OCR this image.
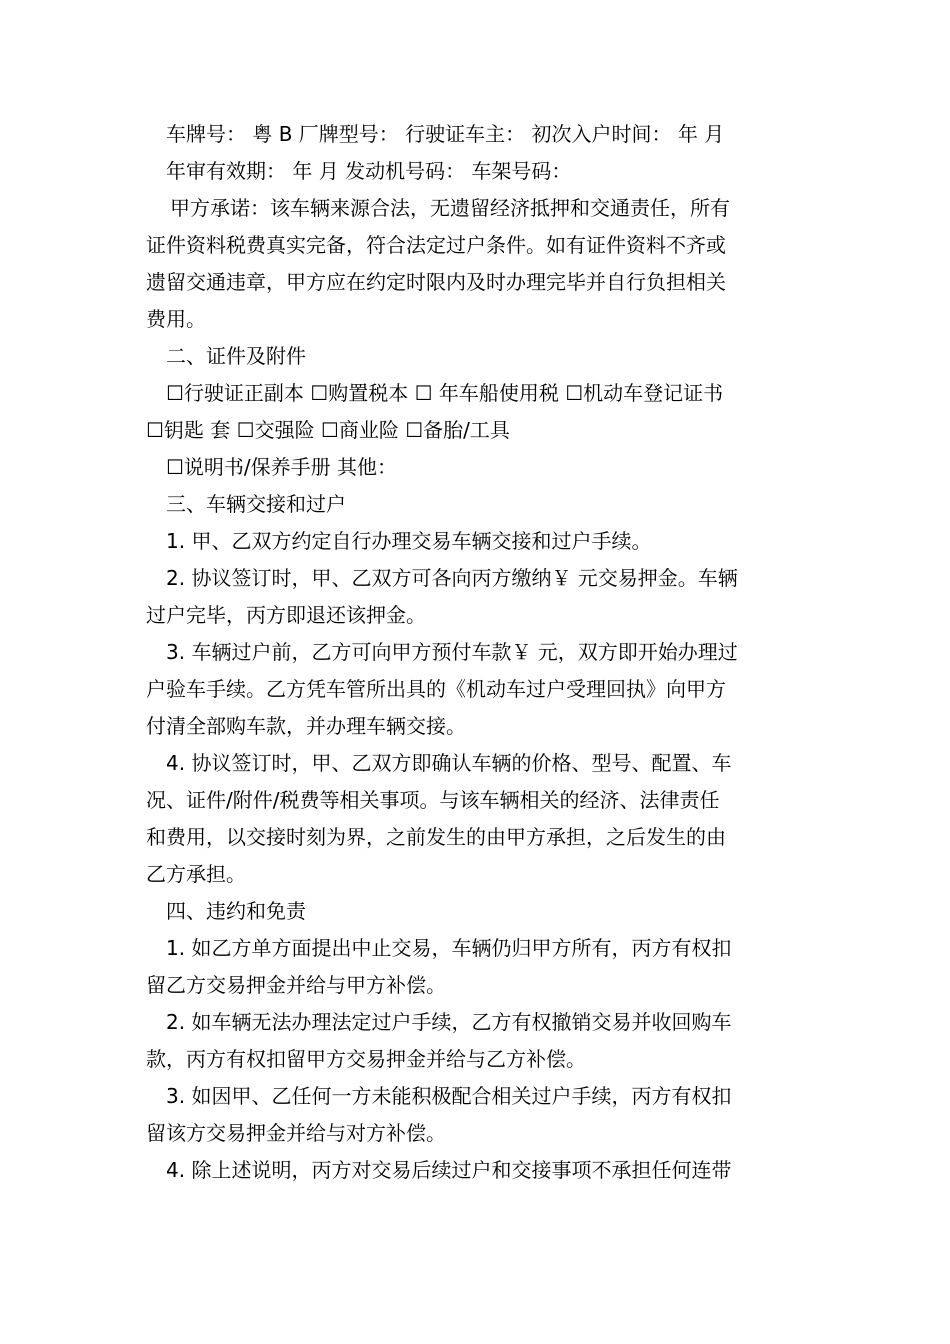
车牌号： 粤 B 厂牌型号： 行驶证车主： 初次入户时间： 年 月

年审有效期： 年 月 发动机号码： 车架号码：

甲方承诺：该车辆来源合法，无遗留经济抵押和交通责任，所有

证件资料税费真实完备，符合法定过户条件。如有证件资料不齐或

遗留交通违章，甲方应在约定时限内及时办理完毕并自行负担相关

费用。

二、证件及附件

☐行驶证正副本 ☐购置税本 ☐ 年车船使用税 ☐机动车登记证书

☐钥匙 套 ☐交强险 ☐商业险 ☐备胎/工具

☐说明书/保养手册 其他：

三、车辆交接和过户

1. 甲、乙双方约定自行办理交易车辆交接和过户手续。

2. 协议签订时，甲、乙双方可各向丙方缴纳￥ 元交易押金。车辆

过户完毕，丙方即退还该押金。

3. 车辆过户前，乙方可向甲方预付车款￥ 元，双方即开始办理过

户验车手续。乙方凭车管所出具的《机动车过户受理回执》向甲方

付清全部购车款，并办理车辆交接。

4. 协议签订时，甲、乙双方即确认车辆的价格、型号、配置、车

况、证件/附件/税费等相关事项。与该车辆相关的经济、法律责任

和费用，以交接时刻为界，之前发生的由甲方承担，之后发生的由

乙方承担。

四、违约和免责

1. 如乙方单方面提出中止交易，车辆仍归甲方所有，丙方有权扣

留乙方交易押金并给与甲方补偿。

2. 如车辆无法办理法定过户手续，乙方有权撤销交易并收回购车

款，丙方有权扣留甲方交易押金并给与乙方补偿。

3. 如因甲、乙任何一方未能积极配合相关过户手续，丙方有权扣

留该方交易押金并给与对方补偿。

4. 除上述说明，丙方对交易后续过户和交接事项不承担任何连带
